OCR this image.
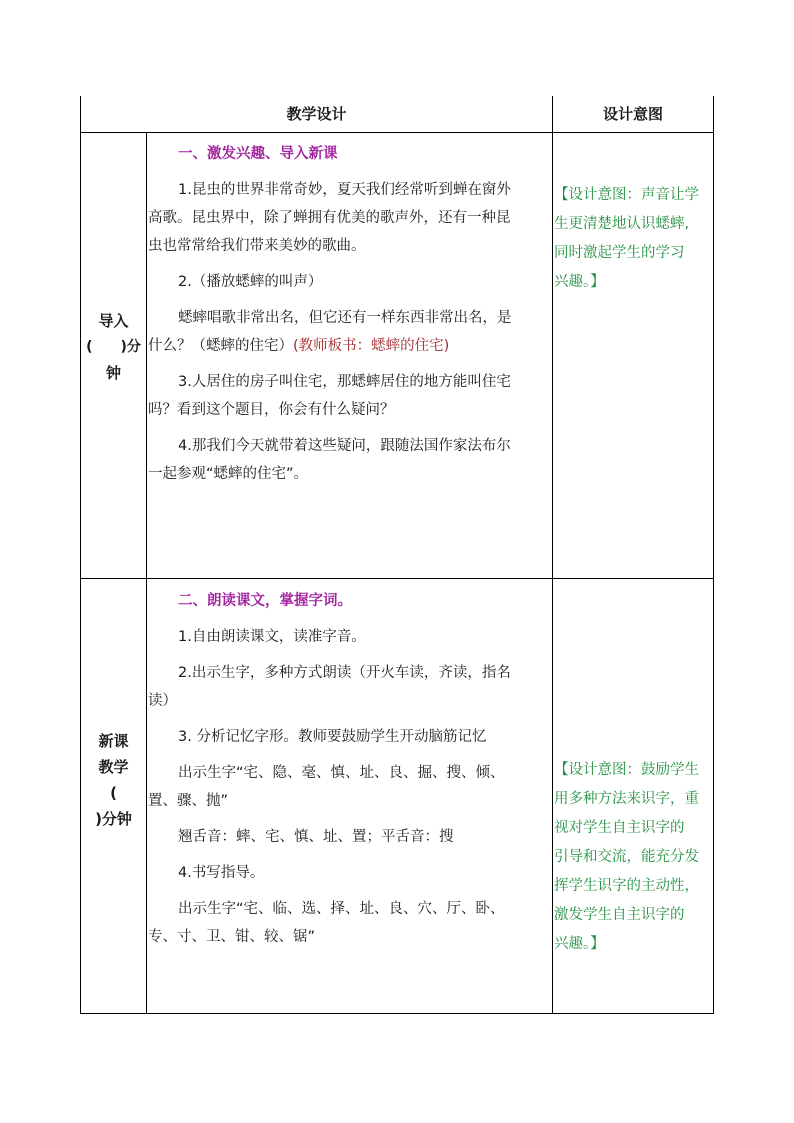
教学设计	设计意图
导入
(　　)分
钟

一、激发兴趣、导入新课

1.昆虫的世界非常奇妙，夏天我们经常听到蝉在窗外
高歌。昆虫界中，除了蝉拥有优美的歌声外，还有一种昆
虫也常常给我们带来美妙的歌曲。
2.（播放蟋蟀的叫声）
蟋蟀唱歌非常出名，但它还有一样东西非常出名，是
什么？（蟋蟀的住宅）(教师板书：蟋蟀的住宅)
3.人居住的房子叫住宅，那蟋蟀居住的地方能叫住宅
吗？看到这个题目，你会有什么疑问？
4.那我们今天就带着这些疑问，跟随法国作家法布尔
一起参观“蟋蟀的住宅”。
【设计意图：声音让学
生更清楚地认识蟋蟀,
同时激起学生的学习
兴趣。】
新课
教学
(
)分钟

二、朗读课文，掌握字词。

1.自由朗读课文，读准字音。
2.出示生字，多种方式朗读（开火车读，齐读，指名
读）
3. 分析记忆字形。教师要鼓励学生开动脑筋记忆
出示生字“宅、隐、毫、慎、址、良、掘、搜、倾、
置、骤、抛”
翘舌音：蟀、宅、慎、址、置；平舌音：搜
4.书写指导。
出示生字“宅、临、选、择、址、良、穴、厅、卧、
专、寸、卫、钳、较、锯”
【设计意图：鼓励学生
用多种方法来识字，重
视对学生自主识字的
引导和交流，能充分发
挥学生识字的主动性，
激发学生自主识字的
兴趣。】
